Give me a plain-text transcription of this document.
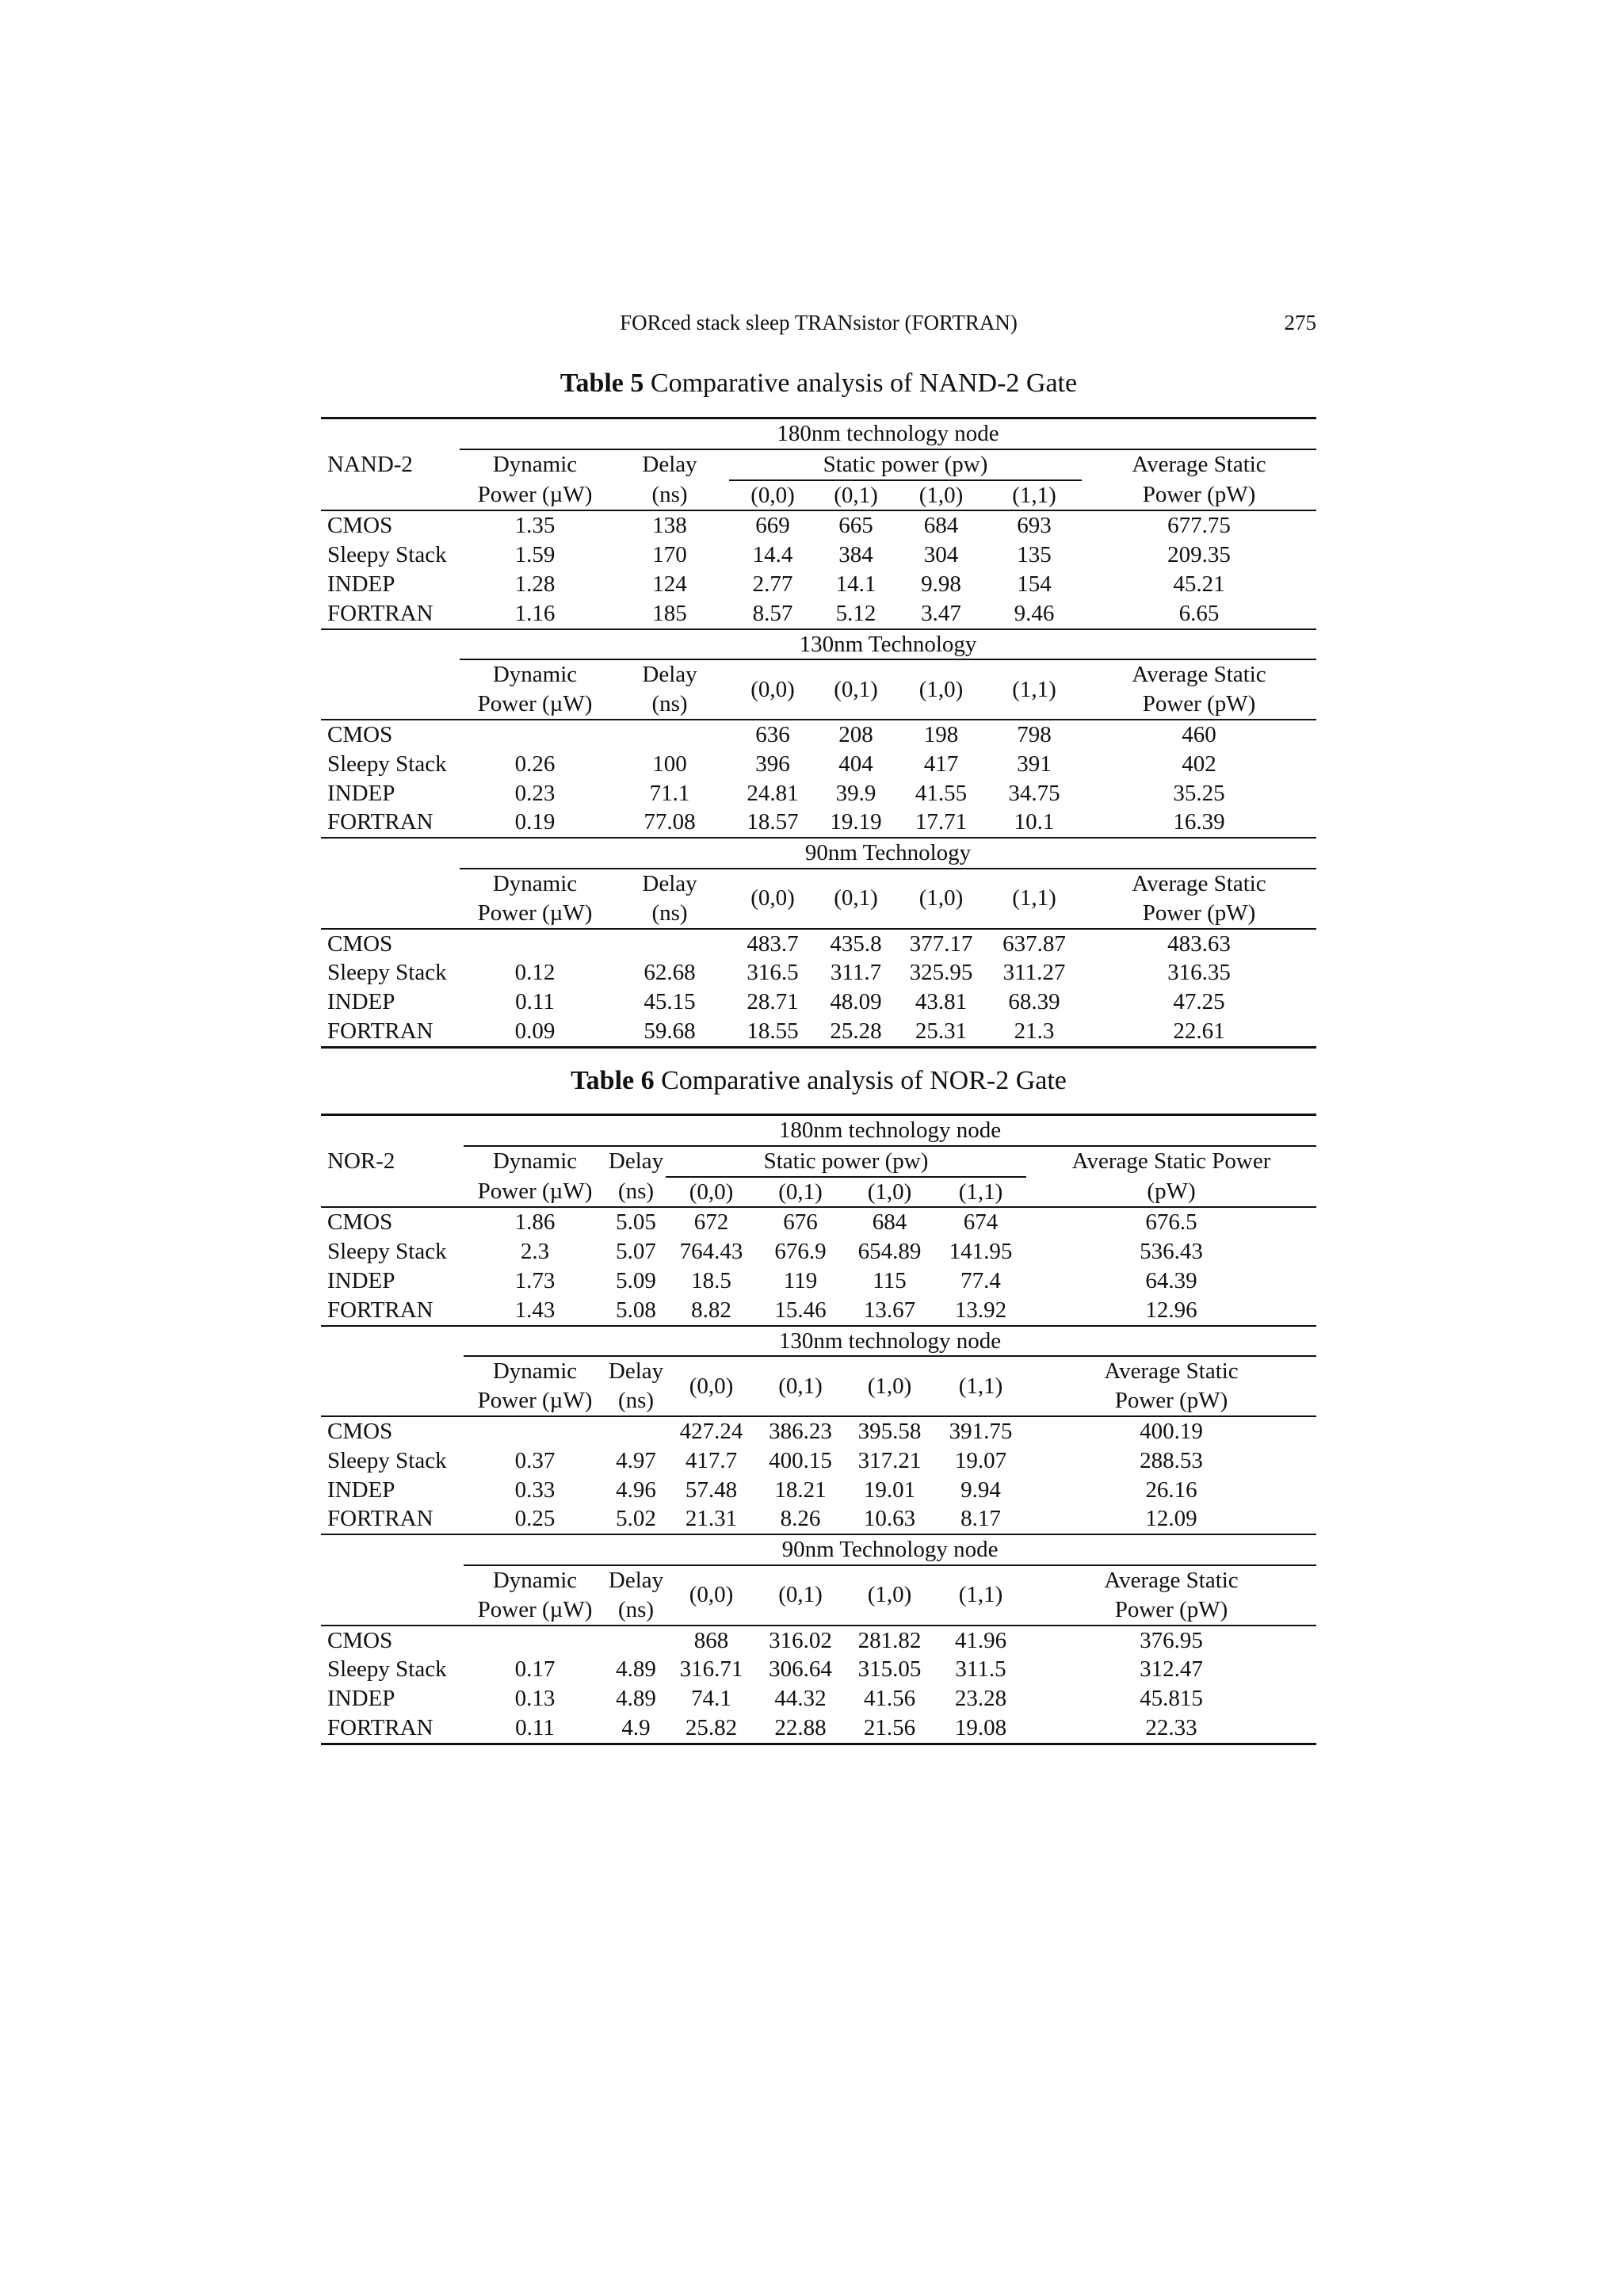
FORced stack sleep TRANsistor (FORTRAN)	275
Table 5 Comparative analysis of NAND-2 Gate
NAND-2	180nm technology node						
	Dynamic	Delay	Static power (pw)				Average Static
	Power (µW)	(ns)	(0,0)	(0,1)	(1,0)	(1,1)	Power (pW)
CMOS	1.35	138	669	665	684	693	677.75
Sleepy Stack	1.59	170	14.4	384	304	135	209.35
INDEP	1.28	124	2.77	14.1	9.98	154	45.21
FORTRAN	1.16	185	8.57	5.12	3.47	9.46	6.65
	130nm Technology						
	Dynamic	Delay	(0,0)	(0,1)	(1,0)	(1,1)	Average Static
	Power (µW)	(ns)					Power (pW)
CMOS			636	208	198	798	460
Sleepy Stack	0.26	100	396	404	417	391	402
INDEP	0.23	71.1	24.81	39.9	41.55	34.75	35.25
FORTRAN	0.19	77.08	18.57	19.19	17.71	10.1	16.39
	90nm Technology						
	Dynamic	Delay	(0,0)	(0,1)	(1,0)	(1,1)	Average Static
	Power (µW)	(ns)					Power (pW)
CMOS			483.7	435.8	377.17	637.87	483.63
Sleepy Stack	0.12	62.68	316.5	311.7	325.95	311.27	316.35
INDEP	0.11	45.15	28.71	48.09	43.81	68.39	47.25
FORTRAN	0.09	59.68	18.55	25.28	25.31	21.3	22.61
Table 6 Comparative analysis of NOR-2 Gate
NOR-2	180nm technology node						
	Dynamic	Delay	Static power (pw)				Average Static Power
	Power (µW)	(ns)	(0,0)	(0,1)	(1,0)	(1,1)	(pW)
CMOS	1.86	5.05	672	676	684	674	676.5
Sleepy Stack	2.3	5.07	764.43	676.9	654.89	141.95	536.43
INDEP	1.73	5.09	18.5	119	115	77.4	64.39
FORTRAN	1.43	5.08	8.82	15.46	13.67	13.92	12.96
	130nm technology node						
	Dynamic	Delay	(0,0)	(0,1)	(1,0)	(1,1)	Average Static
	Power (µW)	(ns)					Power (pW)
CMOS			427.24	386.23	395.58	391.75	400.19
Sleepy Stack	0.37	4.97	417.7	400.15	317.21	19.07	288.53
INDEP	0.33	4.96	57.48	18.21	19.01	9.94	26.16
FORTRAN	0.25	5.02	21.31	8.26	10.63	8.17	12.09
	90nm Technology node						
	Dynamic	Delay	(0,0)	(0,1)	(1,0)	(1,1)	Average Static
	Power (µW)	(ns)					Power (pW)
CMOS			868	316.02	281.82	41.96	376.95
Sleepy Stack	0.17	4.89	316.71	306.64	315.05	311.5	312.47
INDEP	0.13	4.89	74.1	44.32	41.56	23.28	45.815
FORTRAN	0.11	4.9	25.82	22.88	21.56	19.08	22.33
